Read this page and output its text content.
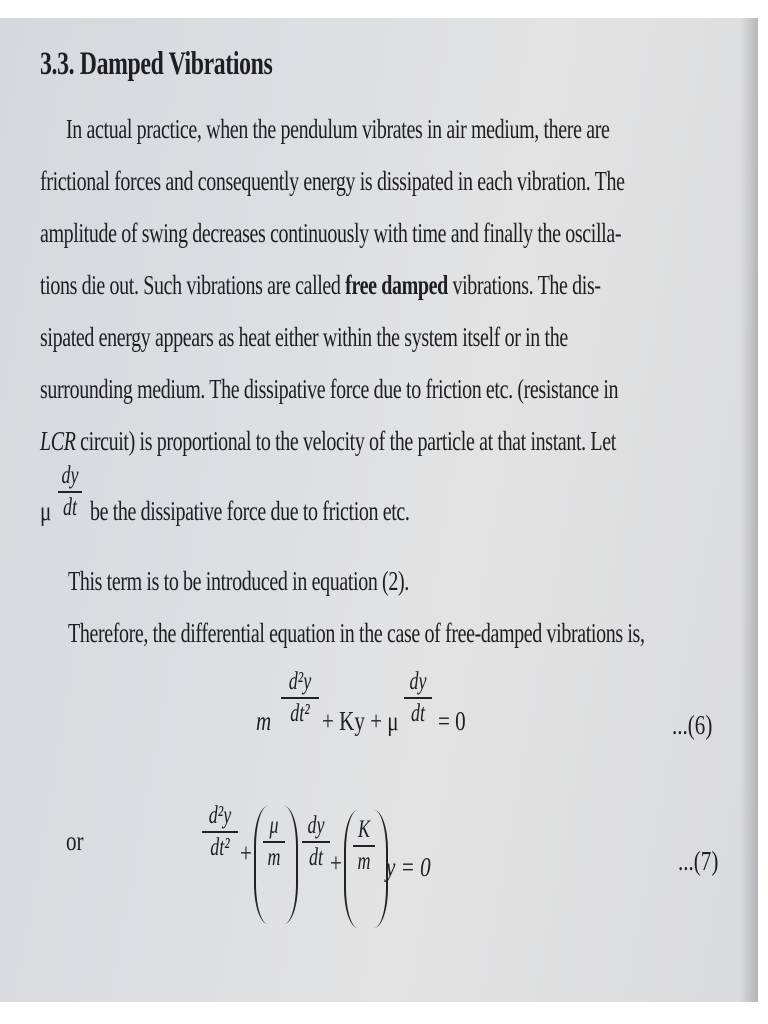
3.3. Damped Vibrations
In actual practice, when the pendulum vibrates in air medium, there are
frictional forces and consequently energy is dissipated in each vibration. The
amplitude of swing decreases continuously with time and finally the oscilla-
tions die out. Such vibrations are called free damped vibrations. The dis-
sipated energy appears as heat either within the system itself or in the
surrounding medium. The dissipative force due to friction etc. (resistance in
LCR circuit) is proportional to the velocity of the particle at that instant. Let
μ
dy
dt be the dissipative force due to friction etc.
This term is to be introduced in equation (2).
Therefore, the differential equation in the case of free-damped vibrations is,
m
d²y
dt² + Ky + μ
dy
dt = 0	...(6)
or
d²y
dt² +
μ
m
dy
dt +
K
m y = 0	...(7)
